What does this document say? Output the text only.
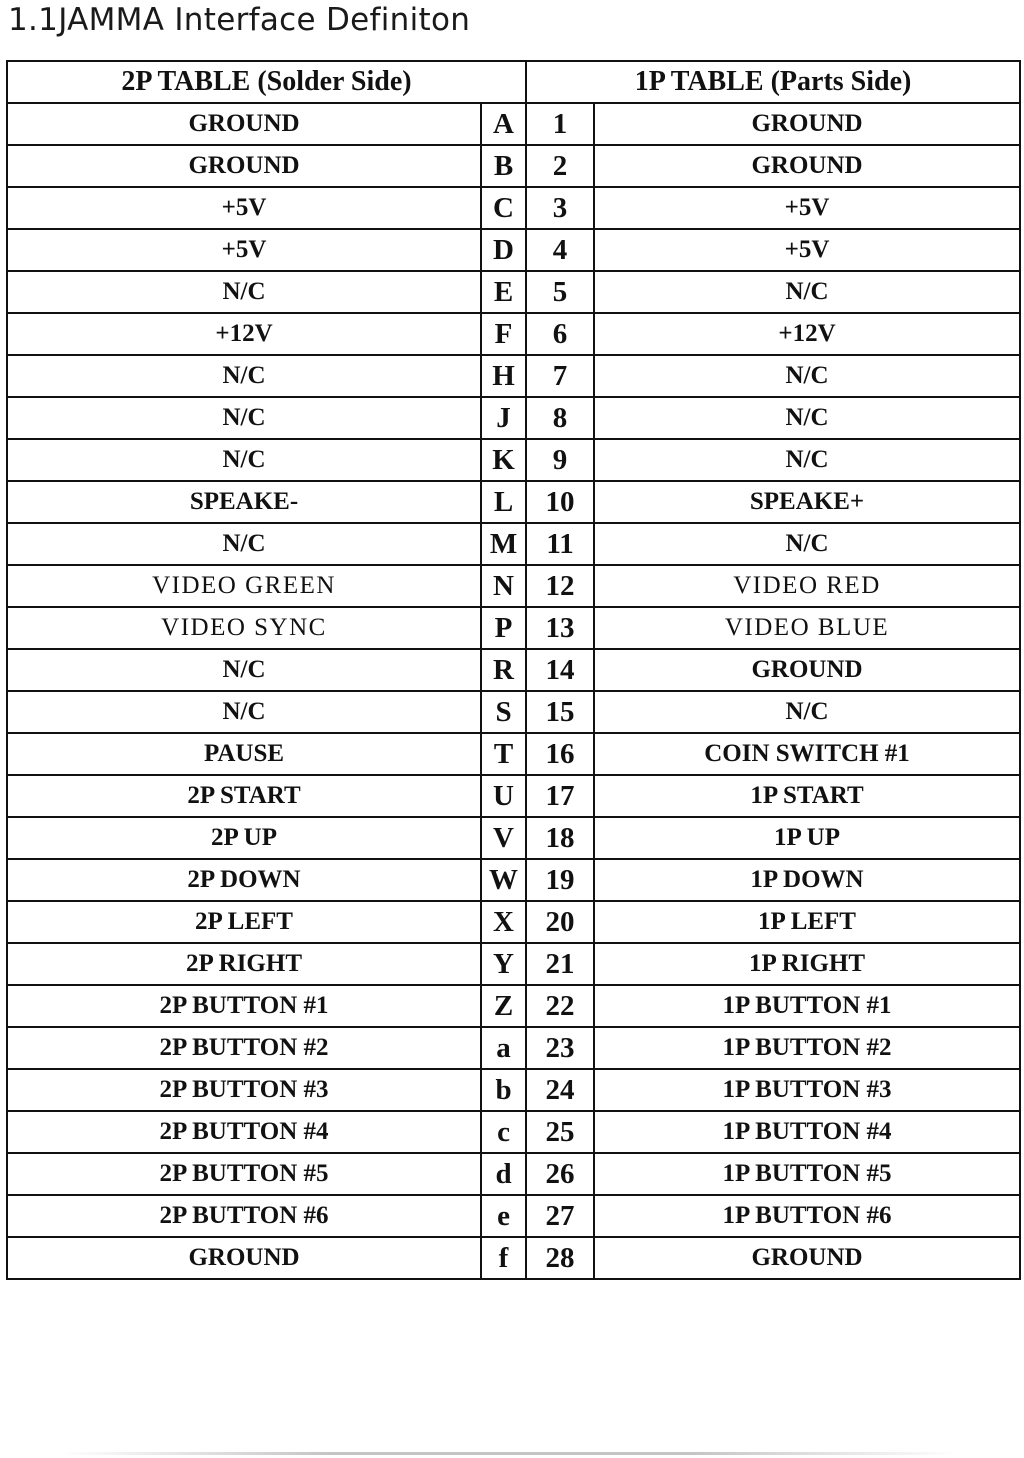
1.1JAMMA Interface Definiton
2P TABLE (Solder Side)		1P TABLE (Parts Side)	
GROUND	A	1	GROUND
GROUND	B	2	GROUND
+5V	C	3	+5V
+5V	D	4	+5V
N/C	E	5	N/C
+12V	F	6	+12V
N/C	H	7	N/C
N/C	J	8	N/C
N/C	K	9	N/C
SPEAKE-	L	10	SPEAKE+
N/C	M	11	N/C
VIDEO GREEN	N	12	VIDEO RED
VIDEO SYNC	P	13	VIDEO BLUE
N/C	R	14	GROUND
N/C	S	15	N/C
PAUSE	T	16	COIN SWITCH #1
2P START	U	17	1P START
2P UP	V	18	1P UP
2P DOWN	W	19	1P DOWN
2P LEFT	X	20	1P LEFT
2P RIGHT	Y	21	1P RIGHT
2P BUTTON #1	Z	22	1P BUTTON #1
2P BUTTON #2	a	23	1P BUTTON #2
2P BUTTON #3	b	24	1P BUTTON #3
2P BUTTON #4	c	25	1P BUTTON #4
2P BUTTON #5	d	26	1P BUTTON #5
2P BUTTON #6	e	27	1P BUTTON #6
GROUND	f	28	GROUND
